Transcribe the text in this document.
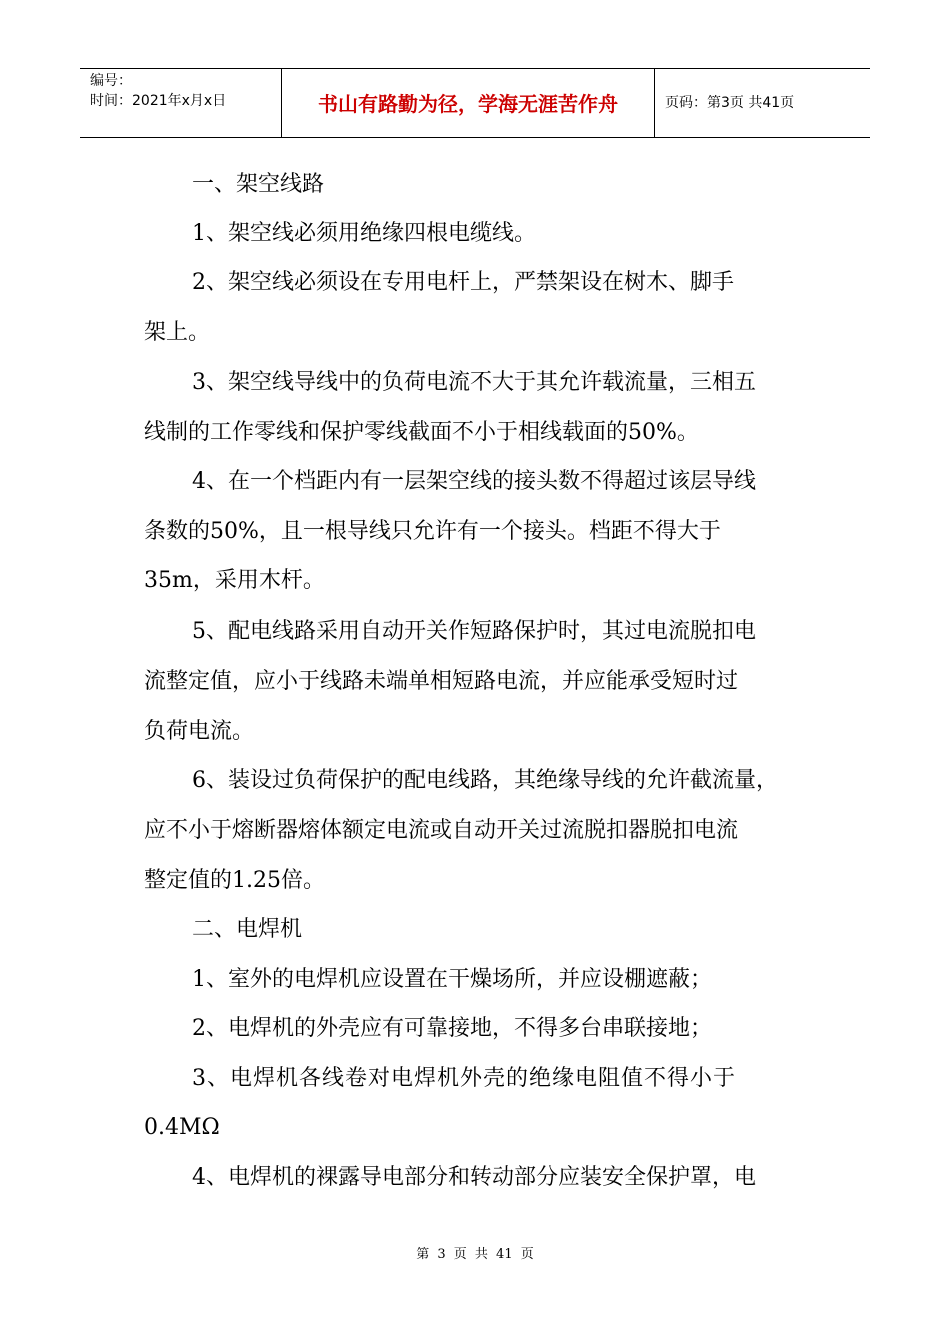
编号：
时间：2021年x月x日	书山有路勤为径，学海无涯苦作舟	页码：第3页 共41页
一、架空线路
1、架空线必须用绝缘四根电缆线。
2、架空线必须设在专用电杆上，严禁架设在树木、脚手
架上。
3、架空线导线中的负荷电流不大于其允许载流量，三相五
线制的工作零线和保护零线截面不小于相线载面的50%。
4、在一个档距内有一层架空线的接头数不得超过该层导线
条数的50%，且一根导线只允许有一个接头。档距不得大于
35m，采用木杆。
5、配电线路采用自动开关作短路保护时，其过电流脱扣电
流整定值，应小于线路未端单相短路电流，并应能承受短时过
负荷电流。
6、装设过负荷保护的配电线路，其绝缘导线的允许截流量，
应不小于熔断器熔体额定电流或自动开关过流脱扣器脱扣电流
整定值的1.25倍。
二、电焊机
1、室外的电焊机应设置在干燥场所，并应设棚遮蔽；
2、电焊机的外壳应有可靠接地，不得多台串联接地；
3、电焊机各线卷对电焊机外壳的绝缘电阻值不得小于
0.4MΩ
4、电焊机的裸露导电部分和转动部分应装安全保护罩，电
第 3 页 共 41 页
